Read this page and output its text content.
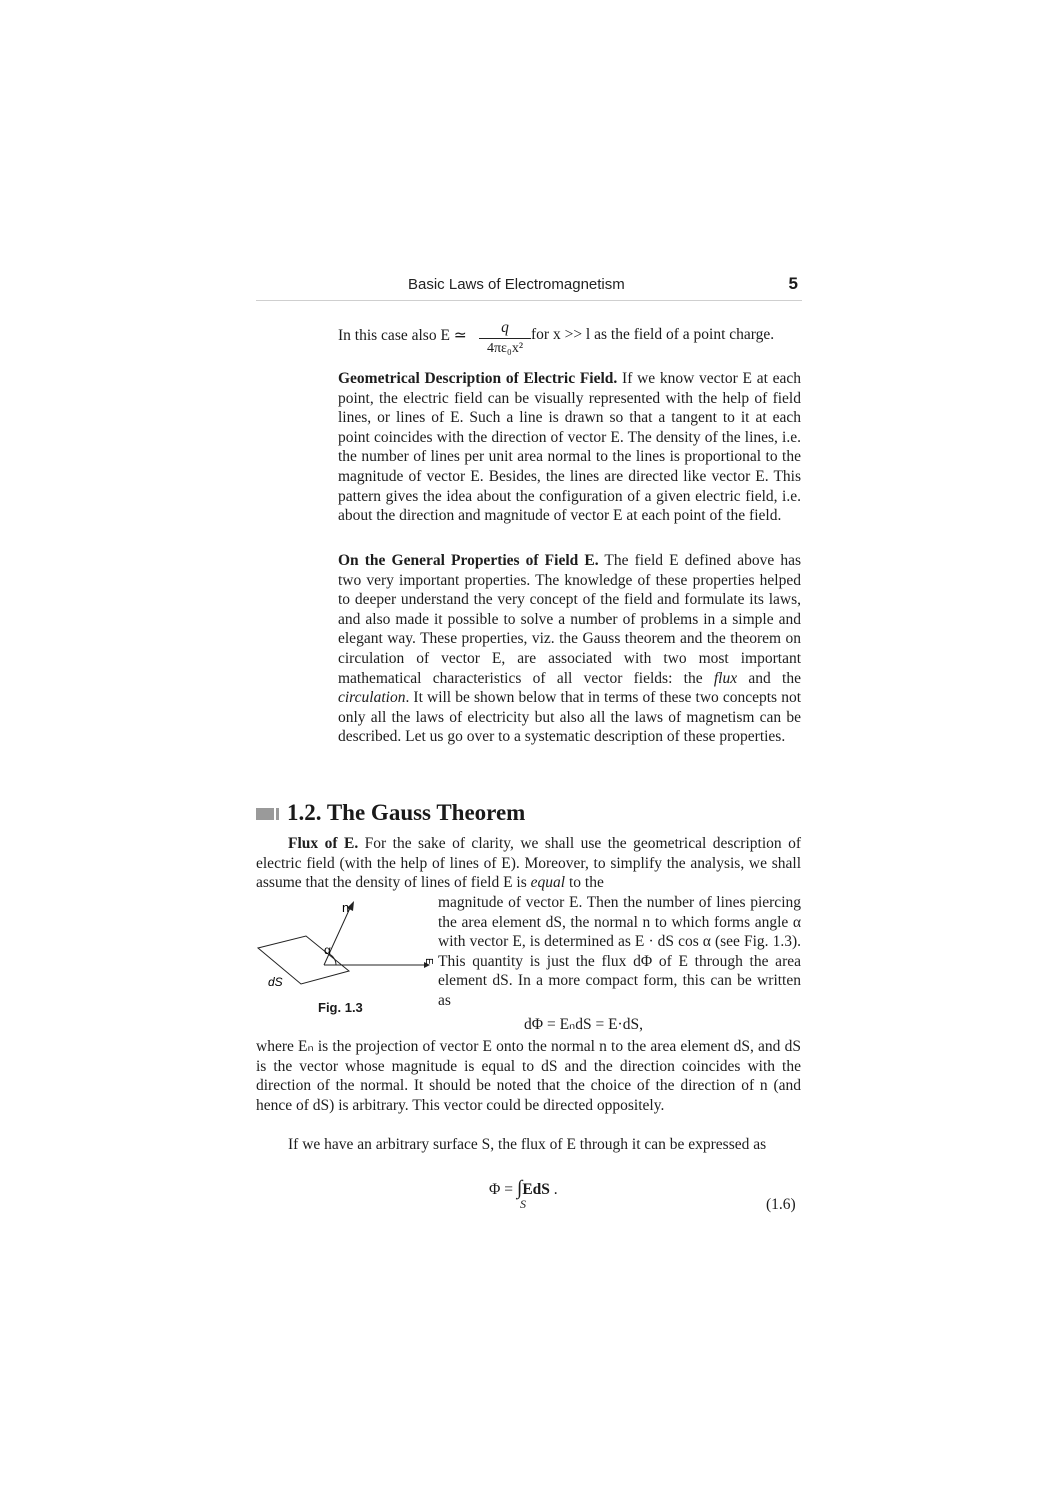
Basic Laws of Electromagnetism	5
In this case also E ≃	q
4πε₀x²
for x >> l as the field of a point charge.
Geometrical Description of Electric Field. If we know vector E at each point, the electric field can be visually represented with the help of field lines, or lines of E. Such a line is drawn so that a tangent to it at each point coincides with the direction of vector E. The density of the lines, i.e. the number of lines per unit area normal to the lines is proportional to the magnitude of vector E. Besides, the lines are directed like vector E. This pattern gives the idea about the configuration of a given electric field, i.e. about the direction and magnitude of vector E at each point of the field.
On the General Properties of Field E. The field E defined above has two very important properties. The knowledge of these properties helped to deeper understand the very concept of the field and formulate its laws, and also made it possible to solve a number of problems in a simple and elegant way. These properties, viz. the Gauss theorem and the theorem on circulation of vector E, are associated with two most important mathematical characteristics of all vector fields: the flux and the circulation. It will be shown below that in terms of these two concepts not only all the laws of electricity but also all the laws of magnetism can be described. Let us go over to a systematic description of these properties.
1.2. The Gauss Theorem
Flux of E. For the sake of clarity, we shall use the geometrical description of electric field (with the help of lines of E). Moreover, to simplify the analysis, we shall assume that the density of lines of field E is equal to the
magnitude of vector E. Then the number of lines piercing the area element dS, the normal n to which forms angle α with vector E, is determined as E · dS cos α (see Fig. 1.3). This quantity is just the flux dΦ of E through the area element dS. In a more compact form, this can be written as
n
α
dS
E
Fig. 1.3
dΦ = EₙdS = E·dS,
where Eₙ is the projection of vector E onto the normal n to the area element dS, and dS is the vector whose magnitude is equal to dS and the direction coincides with the direction of the normal. It should be noted that the choice of the direction of n (and hence of dS) is arbitrary. This vector could be directed oppositely.
If we have an arbitrary surface S, the flux of E through it can be expressed as
Φ = ∫EdS .
S	(1.6)
